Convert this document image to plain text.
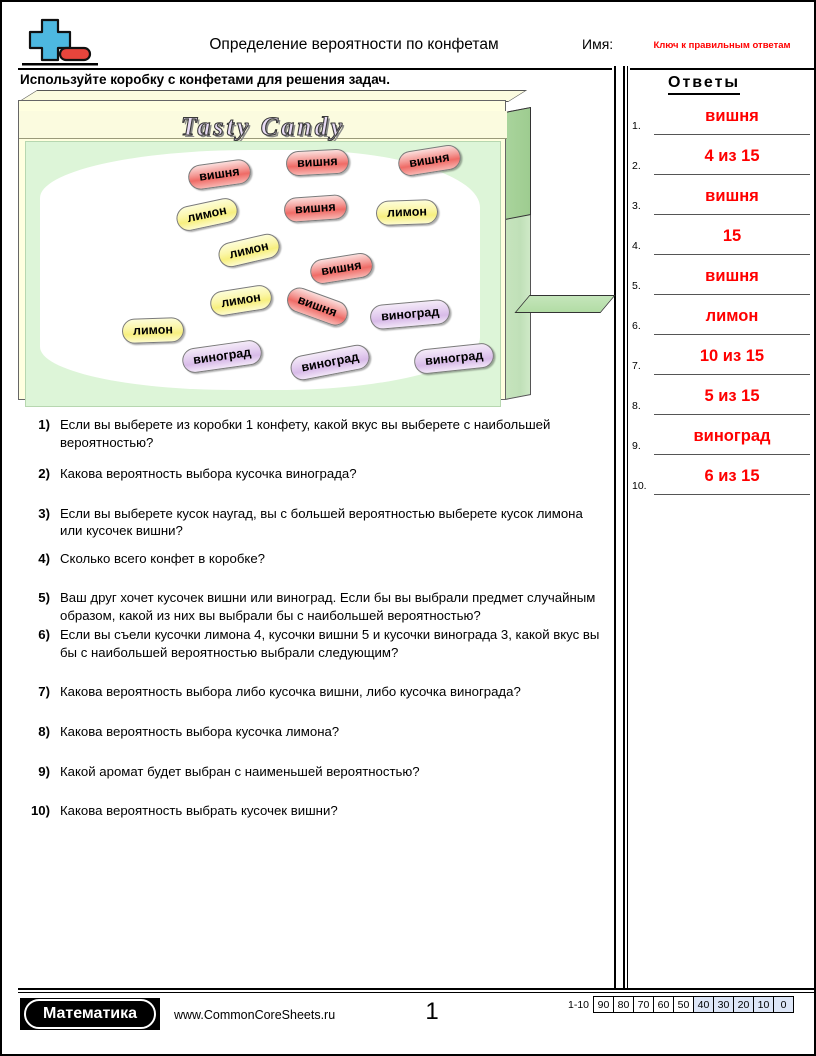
Определение вероятности по конфетам	Имя:	Ключ к правильным ответам
Используйте коробку с конфетами для решения задач.
Tasty Candy
вишня
вишня	вишня
лимон	вишня	лимон
лимон
вишня
лимон	вишня	виноград
лимон
виноград	виноград	виноград
1) Если вы выберете из коробки 1 конфету, какой вкус вы выберете с наибольшей вероятностью?
2) Какова вероятность выбора кусочка винограда?
3) Если вы выберете кусок наугад, вы с большей вероятностью выберете кусок лимона или кусочек вишни?
4) Сколько всего конфет в коробке?
5) Ваш друг хочет кусочек вишни или виноград. Если бы вы выбрали предмет случайным образом, какой из них вы выбрали бы с наибольшей вероятностью?
6) Если вы съели кусочки лимона 4, кусочки вишни 5 и кусочки винограда 3, какой вкус вы бы с наибольшей вероятностью выбрали следующим?
7) Какова вероятность выбора либо кусочка вишни, либо кусочка винограда?
8) Какова вероятность выбора кусочка лимона?
9) Какой аромат будет выбран с наименьшей вероятностью?
10) Какова вероятность выбрать кусочек вишни?
Ответы
1.
вишня
2.
4 из 15
3.
вишня
4.
15
5.
вишня
6.
лимон
7.
10 из 15
8.
5 из 15
9.
виноград
10.
6 из 15
Математика	www.CommonCoreSheets.ru	1	1-10 90 80 70 60 50 40 30 20 10	0
